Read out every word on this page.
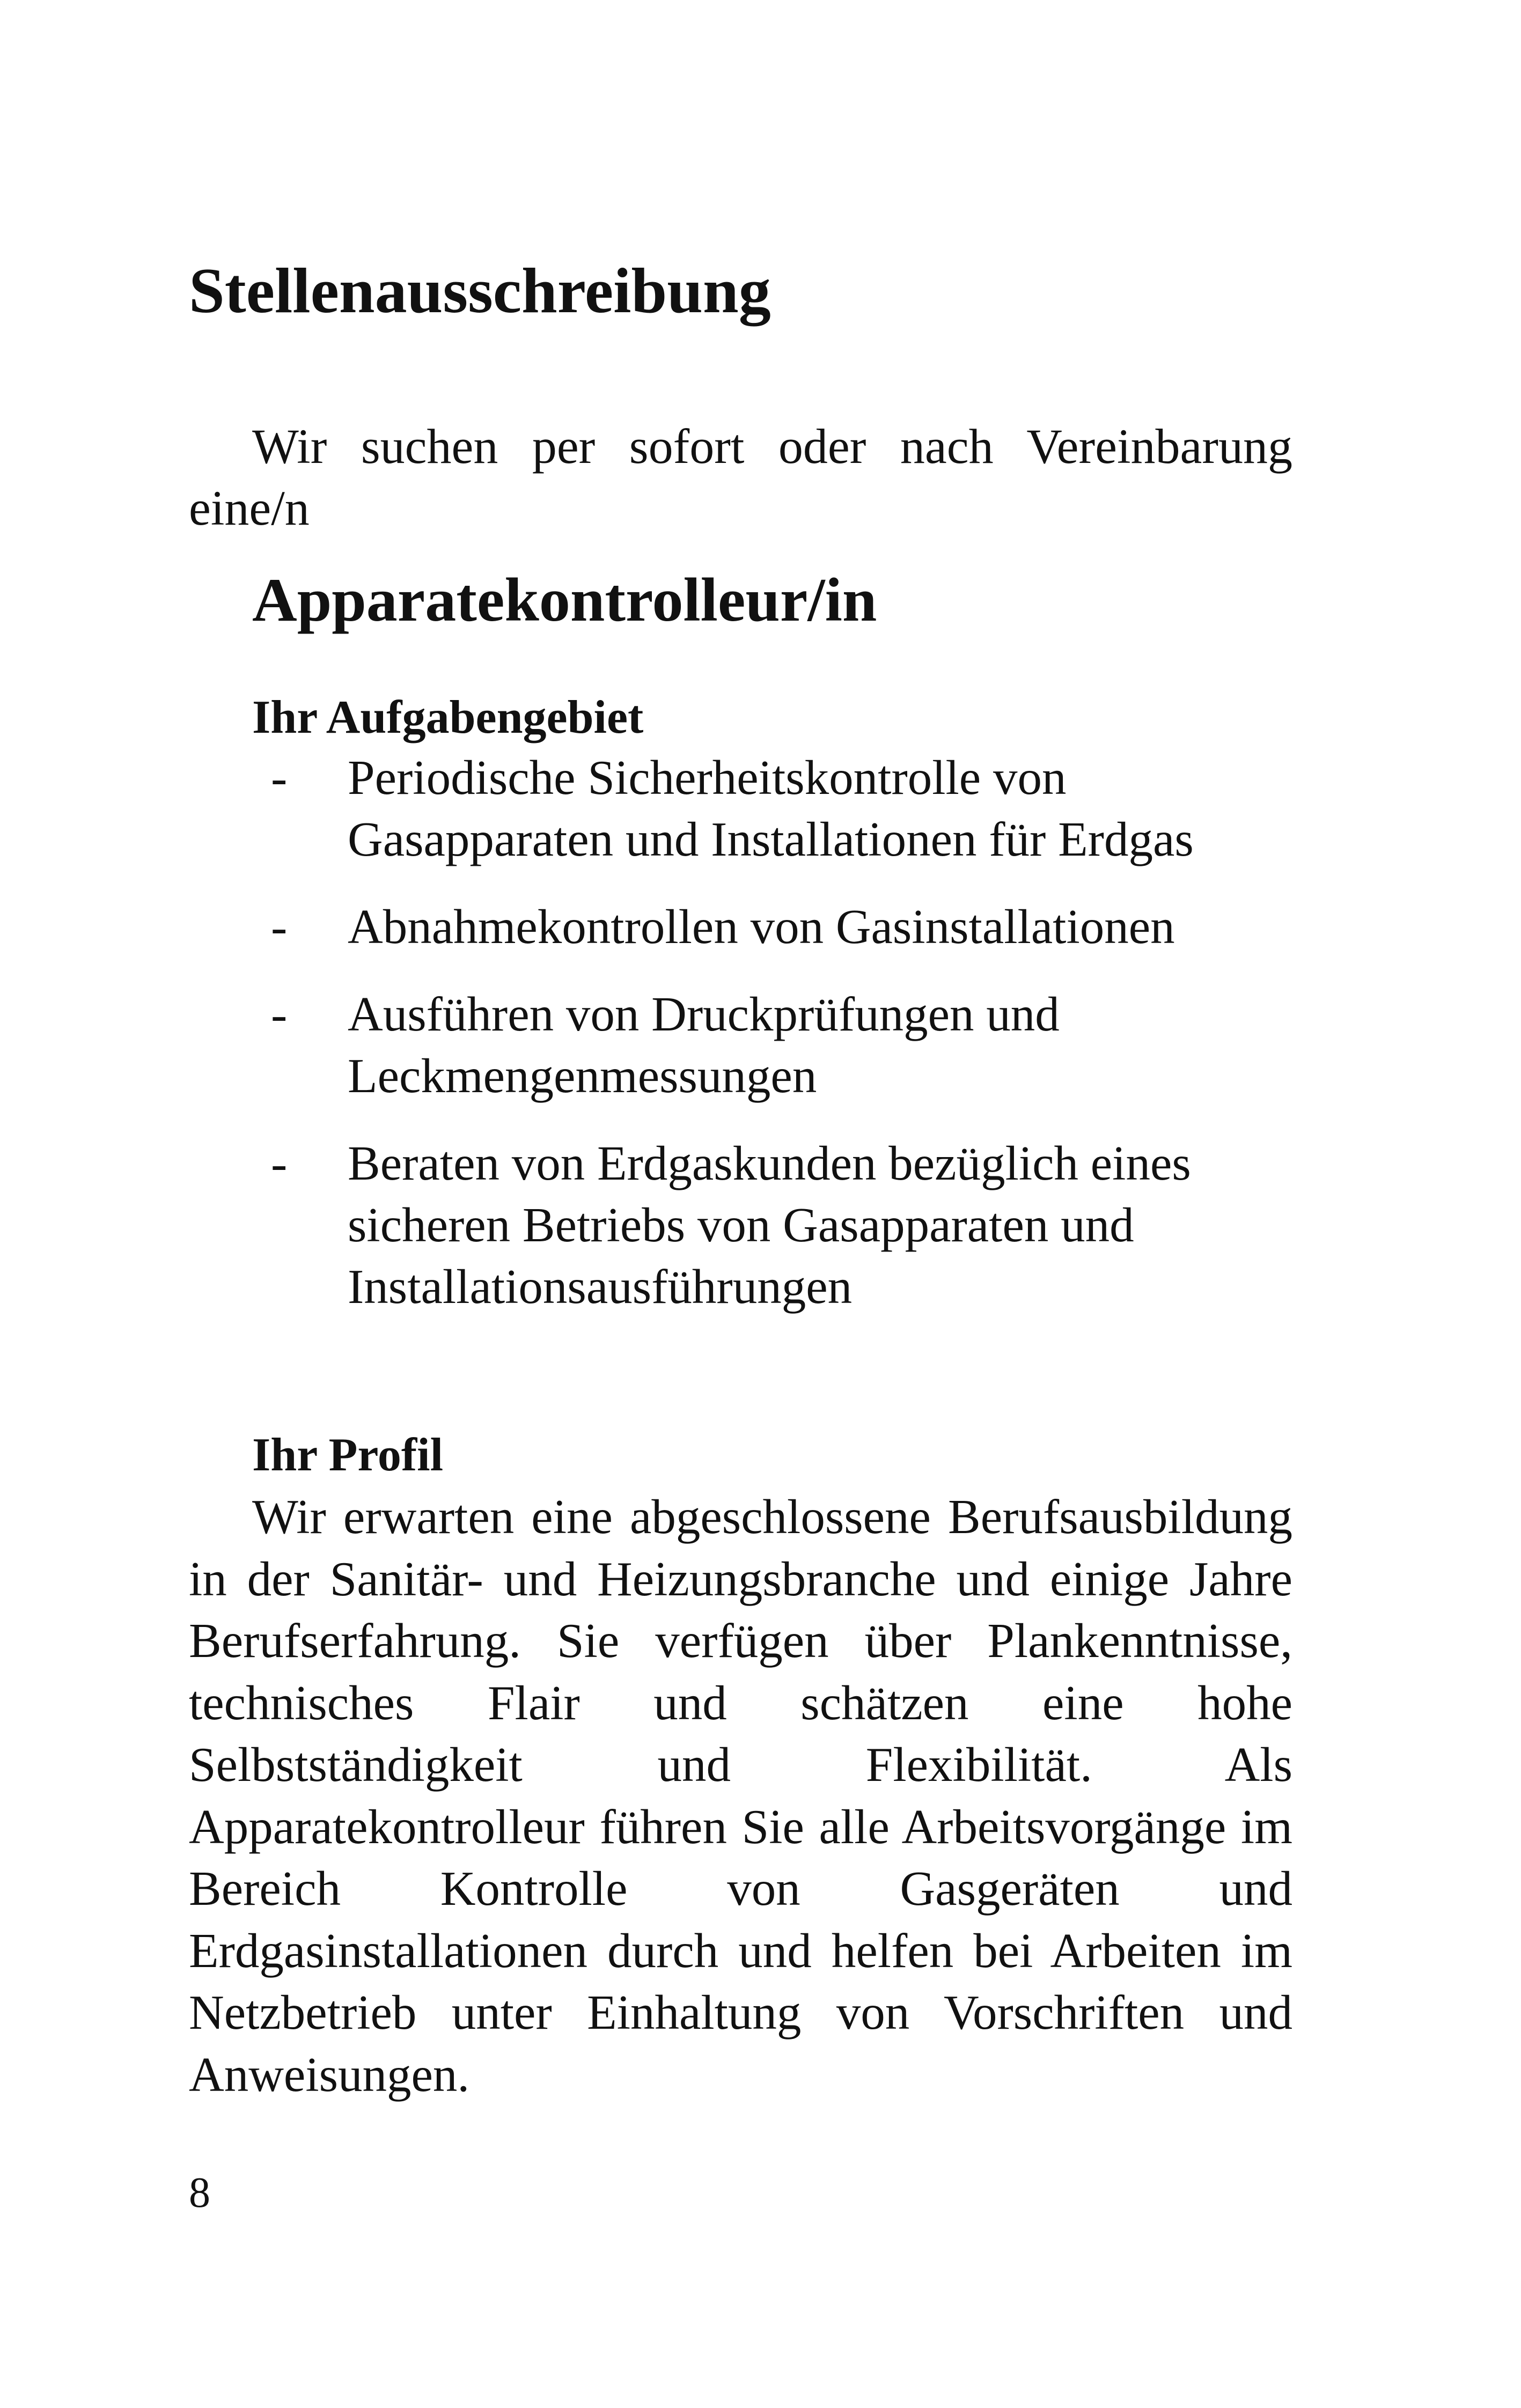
Stellenausschreibung

Wir suchen per sofort oder nach Vereinbarung eine/n

Apparatekontrolleur/in
Ihr Aufgabengebiet
- Periodische Sicherheitskontrolle von Gasapparaten und Installationen für Erdgas
- Abnahmekontrollen von Gasinstallationen
- Ausführen von Druckprüfungen und Leckmengenmessungen
- Beraten von Erdgaskunden bezüglich eines sicheren Betriebs von Gasapparaten und Installationsausführungen
Ihr Profil

Wir erwarten eine abgeschlossene Berufsausbildung in der Sanitär- und Heizungsbranche und einige Jahre Berufserfahrung. Sie verfügen über Plankenntnisse, technisches Flair und schätzen eine hohe Selbstständigkeit und Flexibilität. Als Apparatekontrolleur führen Sie alle Arbeitsvorgänge im Bereich Kontrolle von Gasgeräten und Erdgasinstallationen durch und helfen bei Arbeiten im Netzbetrieb unter Einhaltung von Vorschriften und Anweisungen.

8
